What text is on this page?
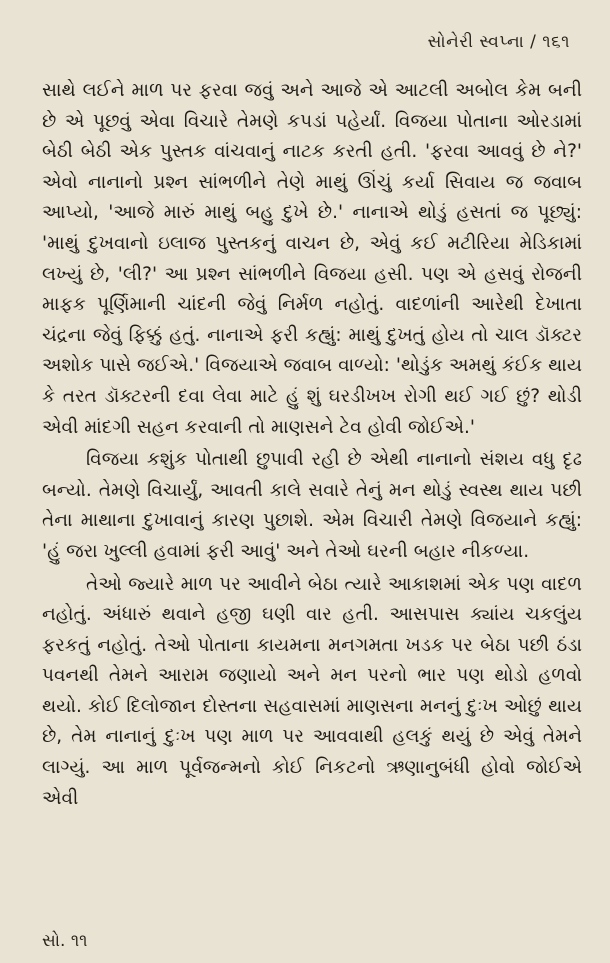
સોનેરી સ્વપ્ના / ૧૬૧

સાથે લઈને માળ પર ફરવા જવું અને આજે એ આટલી અબોલ કેમ બની છે એ પૂછવું એવા વિચારે તેમણે કપડાં પહેર્યાં. વિજયા પોતાના ઓરડામાં બેઠી બેઠી એક પુસ્તક વાંચવાનું નાટક કરતી હતી. 'ફરવા આવવું છે ને?' એવો નાનાનો પ્રશ્ન સાંભળીને તેણે માથું ઊંચું કર્યા સિવાય જ જવાબ આપ્યો, 'આજે મારું માથું બહુ દુખે છે.' નાનાએ થોડું હસતાં જ પૂછ્યું: 'માથું દુખવાનો ઇલાજ પુસ્તકનું વાચન છે, એવું કઈ મટીરિયા મેડિકામાં લખ્યું છે, 'લી?' આ પ્રશ્ન સાંભળીને વિજયા હસી. પણ એ હસવું રોજની માફક પૂર્ણિમાની ચાંદની જેવું નિર્મળ નહોતું. વાદળાંની આરેથી દેખાતા ચંદ્રના જેવું ફિક્કું હતું. નાનાએ ફરી કહ્યું: માથું દુખતું હોય તો ચાલ ડૉક્ટર અશોક પાસે જઈએ.' વિજયાએ જવાબ વાળ્યો: 'થોડુંક અમથું કંઈક થાય કે તરત ડૉક્ટરની દવા લેવા માટે હું શું ઘરડીખખ રોગી થઈ ગઈ છું? થોડી એવી માંદગી સહન કરવાની તો માણસને ટેવ હોવી જોઈએ.'

વિજયા કશુંક પોતાથી છુપાવી રહી છે એથી નાનાનો સંશય વધુ દૃઢ બન્યો. તેમણે વિચાર્યું, આવતી કાલે સવારે તેનું મન થોડું સ્વસ્થ થાય પછી તેના માથાના દુખાવાનું કારણ પુછાશે. એમ વિચારી તેમણે વિજયાને કહ્યું: 'હું જરા ખુલ્લી હવામાં ફરી આવું' અને તેઓ ઘરની બહાર નીકળ્યા.

તેઓ જ્યારે માળ પર આવીને બેઠા ત્યારે આકાશમાં એક પણ વાદળ નહોતું. અંધારું થવાને હજી ઘણી વાર હતી. આસપાસ ક્યાંય ચકલુંય ફરકતું નહોતું. તેઓ પોતાના કાયમના મનગમતા ખડક પર બેઠા પછી ઠંડા પવનથી તેમને આરામ જણાયો અને મન પરનો ભાર પણ થોડો હળવો થયો. કોઈ દિલોજાન દોસ્તના સહવાસમાં માણસના મનનું દુઃખ ઓછું થાય છે, તેમ નાનાનું દુઃખ પણ માળ પર આવવાથી હલકું થયું છે એવું તેમને લાગ્યું. આ માળ પૂર્વજન્મનો કોઈ નિકટનો ઋણાનુબંધી હોવો જોઈએ એવી

સો. ૧૧
